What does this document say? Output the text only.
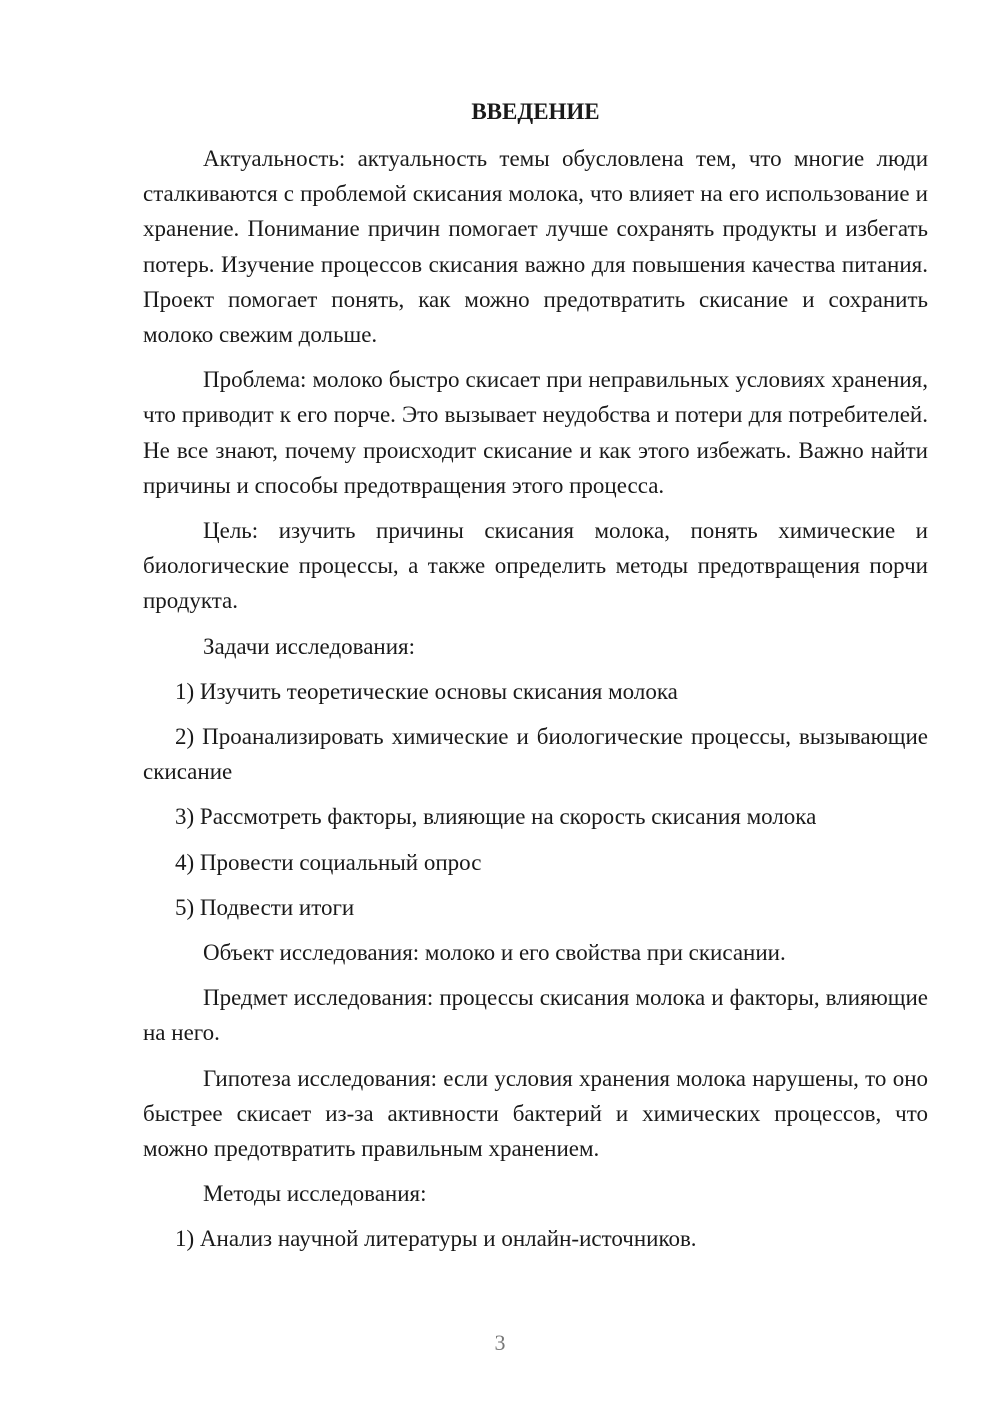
ВВЕДЕНИЕ

Актуальность: актуальность темы обусловлена тем, что многие люди сталкиваются с проблемой скисания молока, что влияет на его использование и хранение. Понимание причин помогает лучше сохранять продукты и избегать потерь. Изучение процессов скисания важно для повышения качества питания. Проект помогает понять, как можно предотвратить скисание и сохранить молоко свежим дольше.

Проблема: молоко быстро скисает при неправильных условиях хранения, что приводит к его порче. Это вызывает неудобства и потери для потребителей. Не все знают, почему происходит скисание и как этого избежать. Важно найти причины и способы предотвращения этого процесса.

Цель: изучить причины скисания молока, понять химические и биологические процессы, а также определить методы предотвращения порчи продукта.

Задачи исследования:

1) Изучить теоретические основы скисания молока

2) Проанализировать химические и биологические процессы, вызывающие скисание

3) Рассмотреть факторы, влияющие на скорость скисания молока

4) Провести социальный опрос

5) Подвести итоги

Объект исследования: молоко и его свойства при скисании.

Предмет исследования: процессы скисания молока и факторы, влияющие на него.

Гипотеза исследования: если условия хранения молока нарушены, то оно быстрее скисает из-за активности бактерий и химических процессов, что можно предотвратить правильным хранением.

Методы исследования:

1) Анализ научной литературы и онлайн-источников.

3
